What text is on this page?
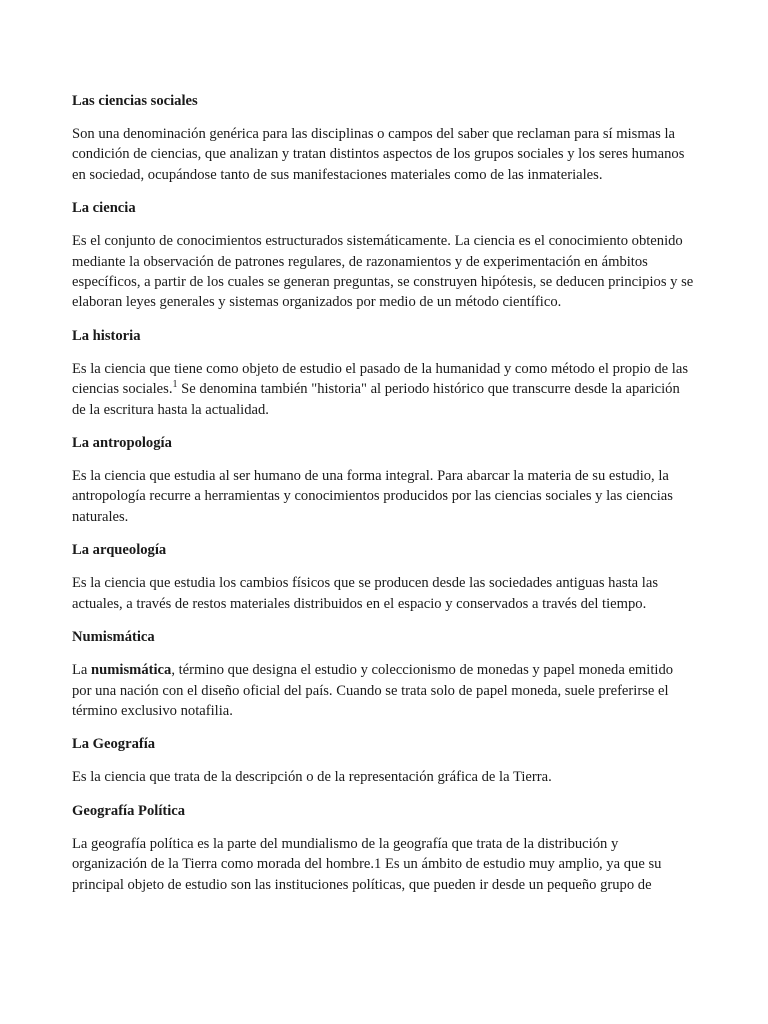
Las ciencias sociales

Son una denominación genérica para las disciplinas o campos del saber que reclaman para sí mismas la condición de ciencias, que analizan y tratan distintos aspectos de los grupos sociales y los seres humanos en sociedad, ocupándose tanto de sus manifestaciones materiales como de las inmateriales.

La ciencia

Es el conjunto de conocimientos estructurados sistemáticamente. La ciencia es el conocimiento obtenido mediante la observación de patrones regulares, de razonamientos y de experimentación en ámbitos específicos, a partir de los cuales se generan preguntas, se construyen hipótesis, se deducen principios y se elaboran leyes generales y sistemas organizados por medio de un método científico.

La historia

Es la ciencia que tiene como objeto de estudio el pasado de la humanidad y como método el propio de las ciencias sociales.$^1$ Se denomina también "historia" al periodo histórico que transcurre desde la aparición de la escritura hasta la actualidad.

La antropología

Es la ciencia que estudia al ser humano de una forma integral. Para abarcar la materia de su estudio, la antropología recurre a herramientas y conocimientos producidos por las ciencias sociales y las ciencias naturales.

La arqueología

Es la ciencia que estudia los cambios físicos que se producen desde las sociedades antiguas hasta las actuales, a través de restos materiales distribuidos en el espacio y conservados a través del tiempo.

Numismática

La numismática, término que designa el estudio y coleccionismo de monedas y papel moneda emitido por una nación con el diseño oficial del país. Cuando se trata solo de papel moneda, suele preferirse el término exclusivo notafilia.

La Geografía

Es la ciencia que trata de la descripción o de la representación gráfica de la Tierra.

Geografía Política

La geografía política es la parte del mundialismo de la geografía que trata de la distribución y organización de la Tierra como morada del hombre.1 Es un ámbito de estudio muy amplio, ya que su principal objeto de estudio son las instituciones políticas, que pueden ir desde un pequeño grupo de
